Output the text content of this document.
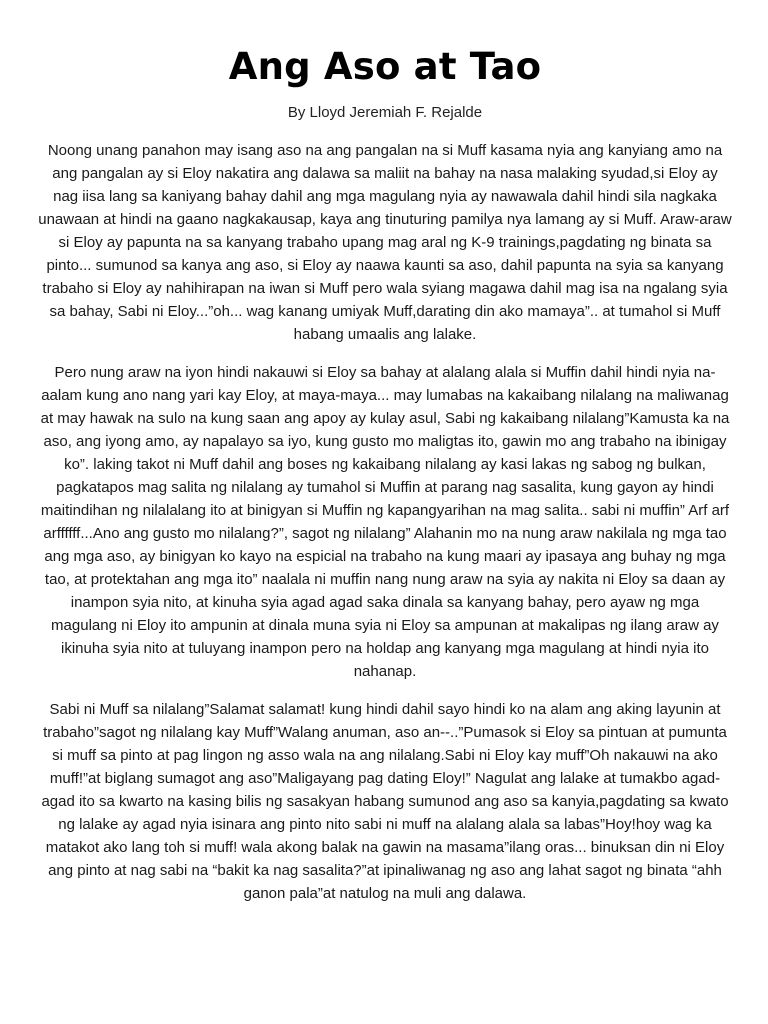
Ang Aso at Tao

By Lloyd Jeremiah F. Rejalde

Noong unang panahon may isang aso na ang pangalan na si Muff kasama nyia ang kanyiang amo na ang pangalan ay si Eloy nakatira ang dalawa sa maliit na bahay na nasa malaking syudad,si Eloy ay nag iisa lang sa kaniyang bahay dahil ang mga magulang nyia ay nawawala dahil hindi sila nagkaka unawaan at hindi na gaano nagkakausap, kaya ang tinuturing pamilya nya lamang ay si Muff. Araw-araw si Eloy ay papunta na sa kanyang trabaho upang mag aral ng K-9 trainings,pagdating ng binata sa pinto... sumunod sa kanya ang aso, si Eloy ay naawa kaunti sa aso, dahil papunta na syia sa kanyang trabaho si Eloy ay nahihirapan na iwan si Muff pero wala syiang magawa dahil mag isa na ngalang syia sa bahay, Sabi ni Eloy...”oh... wag kanang umiyak Muff,darating din ako mamaya”.. at tumahol si Muff habang umaalis ang lalake.

Pero nung araw na iyon hindi nakauwi si Eloy sa bahay at alalang alala si Muffin dahil hindi nyia na-aalam kung ano nang yari kay Eloy, at maya-maya... may lumabas na kakaibang nilalang na maliwanag at may hawak na sulo na kung saan ang apoy ay kulay asul, Sabi ng kakaibang nilalang”Kamusta ka na aso, ang iyong amo, ay napalayo sa iyo, kung gusto mo maligtas ito, gawin mo ang trabaho na ibinigay ko”. laking takot ni Muff dahil ang boses ng kakaibang nilalang ay kasi lakas ng sabog ng bulkan, pagkatapos mag salita ng nilalang ay tumahol si Muffin at parang nag sasalita, kung gayon ay hindi maitindihan ng nilalalang ito at binigyan si Muffin ng kapangyarihan na mag salita.. sabi ni muffin” Arf arf arffffff...Ano ang gusto mo nilalang?”, sagot ng nilalang” Alahanin mo na nung araw nakilala ng mga tao ang mga aso, ay binigyan ko kayo na espicial na trabaho na kung maari ay ipasaya ang buhay ng mga tao, at protektahan ang mga ito” naalala ni muffin nang nung araw na syia ay nakita ni Eloy sa daan ay inampon syia nito, at kinuha syia agad agad saka dinala sa kanyang bahay, pero ayaw ng mga magulang ni Eloy ito ampunin at dinala muna syia ni Eloy sa ampunan at makalipas ng ilang araw ay ikinuha syia nito at tuluyang inampon pero na holdap ang kanyang mga magulang at hindi nyia ito nahanap.

Sabi ni Muff sa nilalang”Salamat salamat! kung hindi dahil sayo hindi ko na alam ang aking layunin at trabaho”sagot ng nilalang kay Muff”Walang anuman, aso an--..”Pumasok si Eloy sa pintuan at pumunta si muff sa pinto at pag lingon ng asso wala na ang nilalang.Sabi ni Eloy kay muff”Oh nakauwi na ako muff!”at biglang sumagot ang aso”Maligayang pag dating Eloy!” Nagulat ang lalake at tumakbo agad-agad ito sa kwarto na kasing bilis ng sasakyan habang sumunod ang aso sa kanyia,pagdating sa kwato ng lalake ay agad nyia isinara ang pinto nito sabi ni muff na alalang alala sa labas”Hoy!hoy wag ka matakot ako lang toh si muff! wala akong balak na gawin na masama”ilang oras... binuksan din ni Eloy ang pinto at nag sabi na “bakit ka nag sasalita?”at ipinaliwanag ng aso ang lahat sagot ng binata “ahh ganon pala”at natulog na muli ang dalawa.
